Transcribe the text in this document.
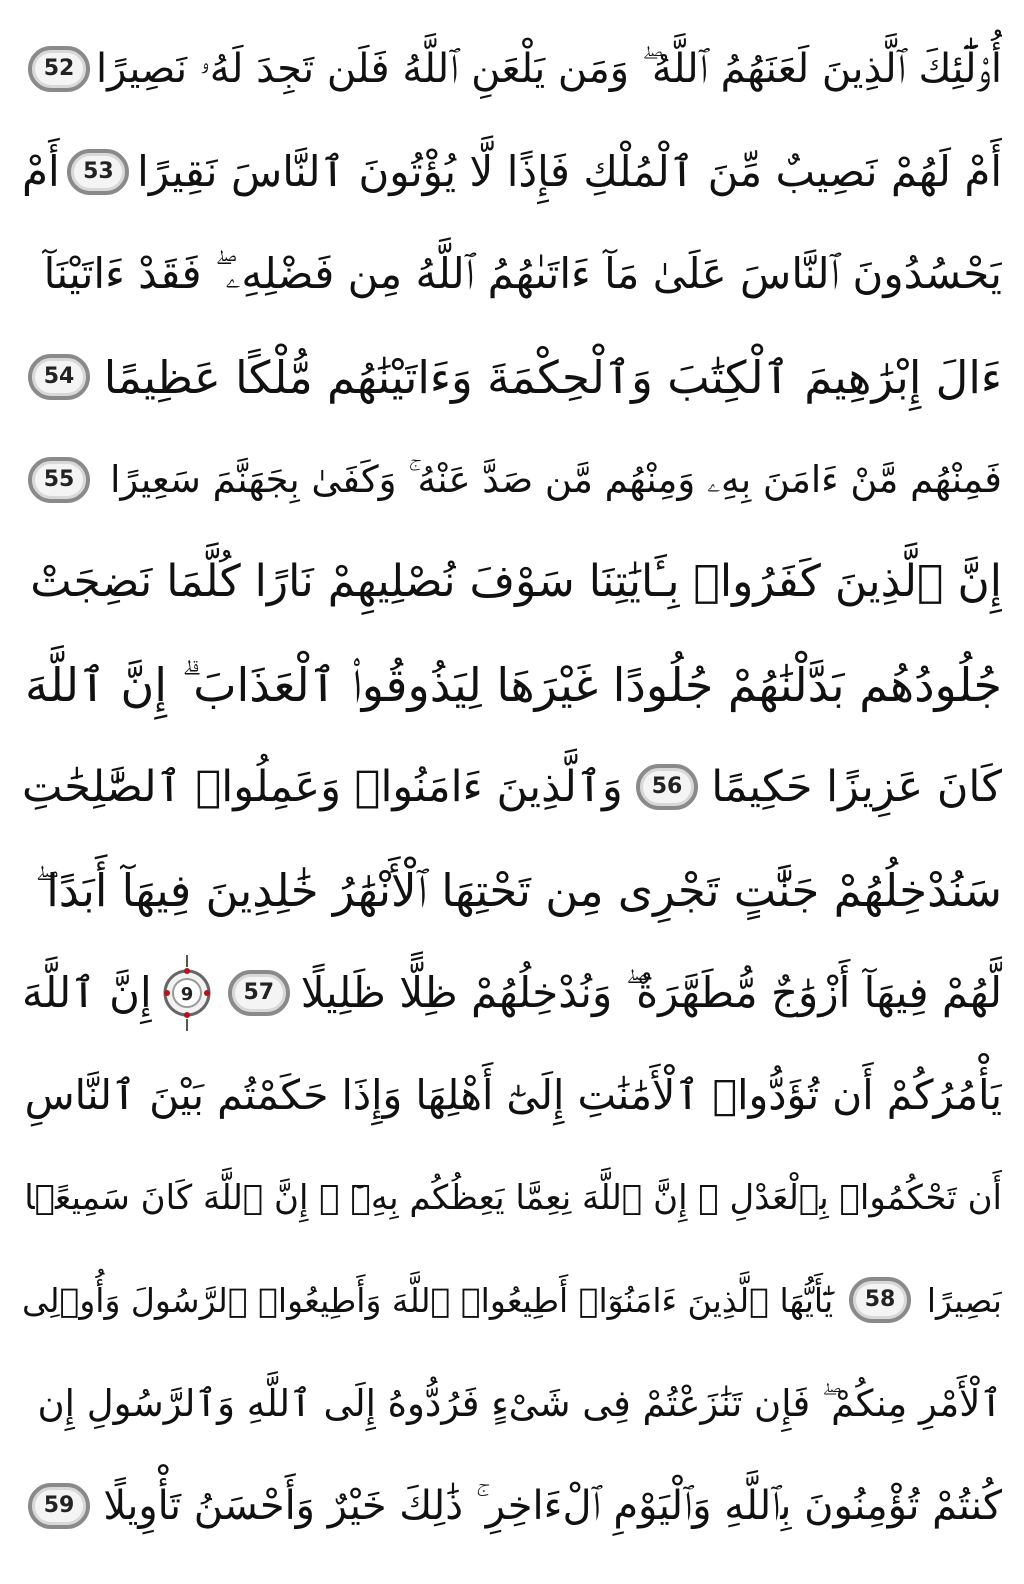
أُو۟لَٰٓئِكَ ٱلَّذِينَ لَعَنَهُمُ ٱللَّهُ ۖ وَمَن يَلْعَنِ ٱللَّهُ فَلَن تَجِدَ لَهُۥ نَصِيرًا
52
أَمْ لَهُمْ نَصِيبٌ مِّنَ ٱلْمُلْكِ فَإِذًا لَّا يُؤْتُونَ ٱلنَّاسَ نَقِيرًا
53
أَمْ
يَحْسُدُونَ ٱلنَّاسَ عَلَىٰ مَآ ءَاتَىٰهُمُ ٱللَّهُ مِن فَضْلِهِۦ ۖ فَقَدْ ءَاتَيْنَآ
ءَالَ إِبْرَٰهِيمَ ٱلْكِتَٰبَ وَٱلْحِكْمَةَ وَءَاتَيْنَٰهُم مُّلْكًا عَظِيمًا
54
فَمِنْهُم مَّنْ ءَامَنَ بِهِۦ وَمِنْهُم مَّن صَدَّ عَنْهُ ۚ وَكَفَىٰ بِجَهَنَّمَ سَعِيرًا
55
إِنَّ ٱلَّذِينَ كَفَرُوا۟ بِـَٔايَٰتِنَا سَوْفَ نُصْلِيهِمْ نَارًا كُلَّمَا نَضِجَتْ
جُلُودُهُم بَدَّلْنَٰهُمْ جُلُودًا غَيْرَهَا لِيَذُوقُوا۟ ٱلْعَذَابَ ۗ إِنَّ ٱللَّهَ
كَانَ عَزِيزًا حَكِيمًا
56
وَٱلَّذِينَ ءَامَنُوا۟ وَعَمِلُوا۟ ٱلصَّٰلِحَٰتِ
سَنُدْخِلُهُمْ جَنَّٰتٍ تَجْرِى مِن تَحْتِهَا ٱلْأَنْهَٰرُ خَٰلِدِينَ فِيهَآ أَبَدًا ۖ
لَّهُمْ فِيهَآ أَزْوَٰجٌ مُّطَهَّرَةٌ ۖ وَنُدْخِلُهُمْ ظِلًّا ظَلِيلًا
57
9
إِنَّ ٱللَّهَ
يَأْمُرُكُمْ أَن تُؤَدُّوا۟ ٱلْأَمَٰنَٰتِ إِلَىٰٓ أَهْلِهَا وَإِذَا حَكَمْتُم بَيْنَ ٱلنَّاسِ
أَن تَحْكُمُوا۟ بِٱلْعَدْلِ ۚ إِنَّ ٱللَّهَ نِعِمَّا يَعِظُكُم بِهِۦٓ ۗ إِنَّ ٱللَّهَ كَانَ سَمِيعًۢا
بَصِيرًا
58
يَٰٓأَيُّهَا ٱلَّذِينَ ءَامَنُوٓا۟ أَطِيعُوا۟ ٱللَّهَ وَأَطِيعُوا۟ ٱلرَّسُولَ وَأُو۟لِى
ٱلْأَمْرِ مِنكُمْ ۖ فَإِن تَنَٰزَعْتُمْ فِى شَىْءٍ فَرُدُّوهُ إِلَى ٱللَّهِ وَٱلرَّسُولِ إِن
كُنتُمْ تُؤْمِنُونَ بِٱللَّهِ وَٱلْيَوْمِ ٱلْءَاخِرِ ۚ ذَٰلِكَ خَيْرٌ وَأَحْسَنُ تَأْوِيلًا
59
